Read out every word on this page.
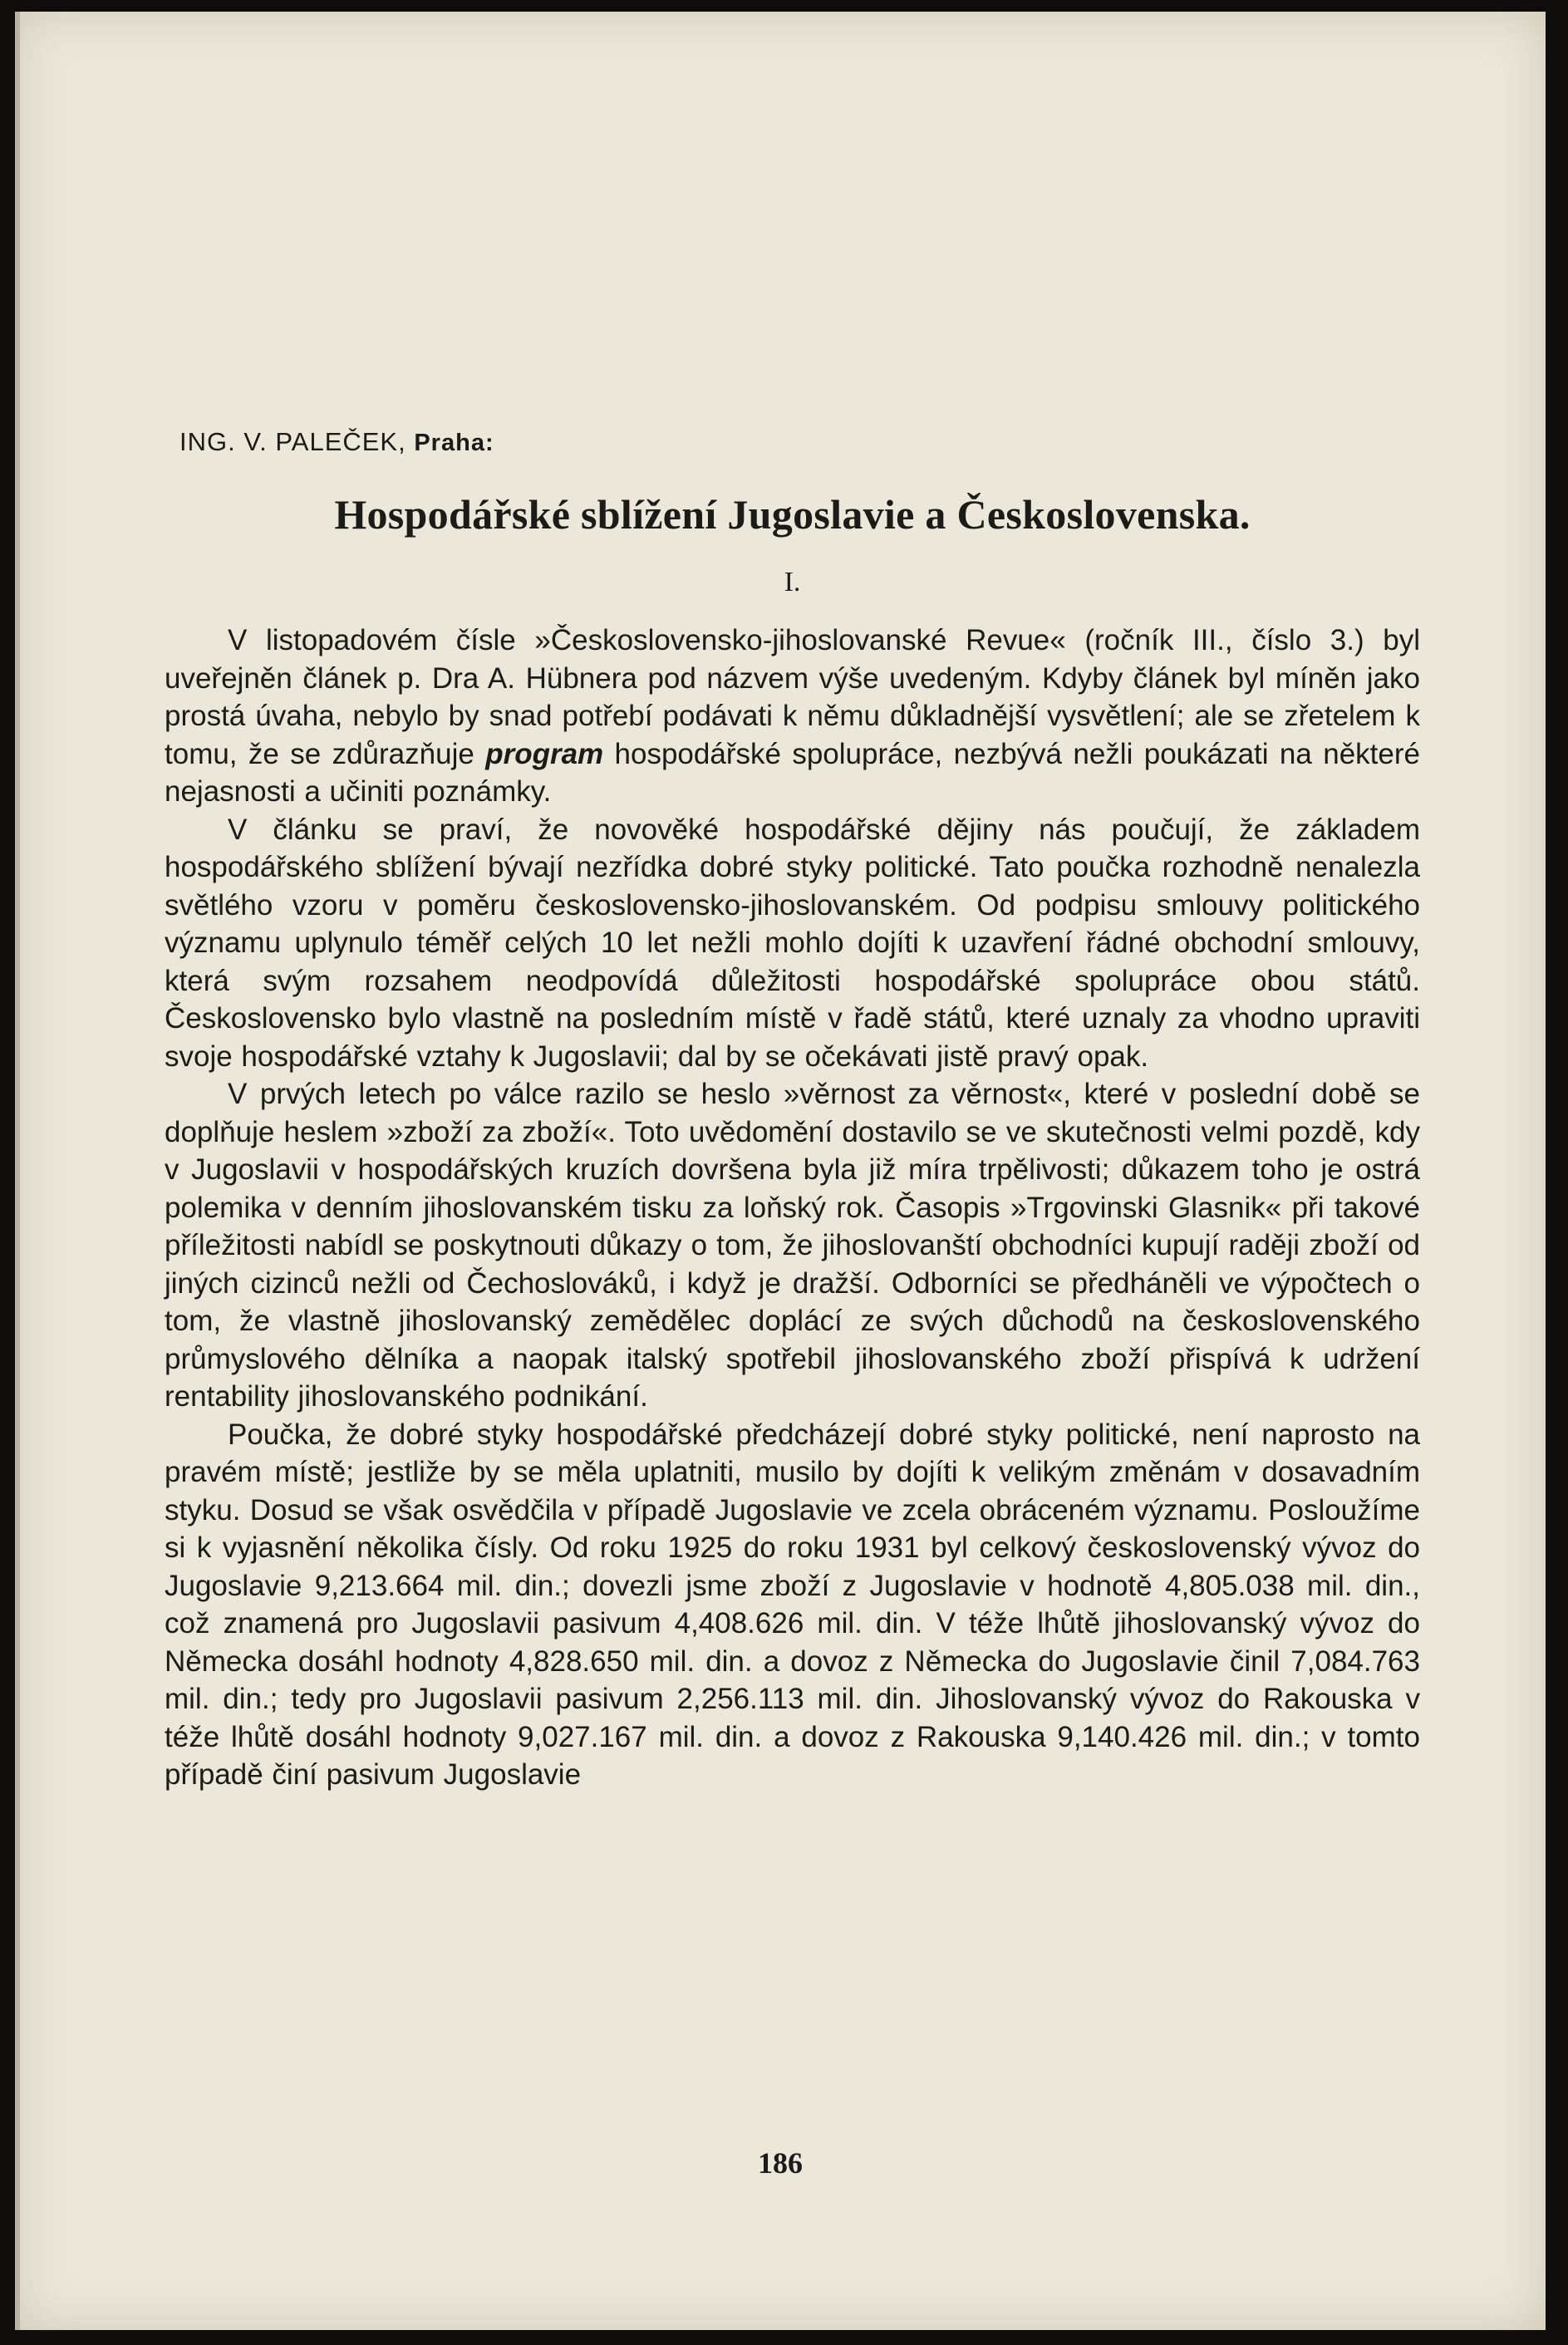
ING. V. PALEČEK, Praha:
Hospodářské sblížení Jugoslavie a Československa.
I.

V listopadovém čísle »Československo-jihoslovanské Revue« (ročník III., číslo 3.) byl uveřejněn článek p. Dra A. Hübnera pod názvem výše uvedeným. Kdyby článek byl míněn jako prostá úvaha, nebylo by snad potřebí podávati k němu důkladnější vysvětlení; ale se zřetelem k tomu, že se zdůrazňuje program hospodářské spolupráce, nezbývá nežli poukázati na některé nejasnosti a učiniti poznámky.

V článku se praví, že novověké hospodářské dějiny nás poučují, že základem hospodářského sblížení bývají nezřídka dobré styky politické. Tato poučka rozhodně nenalezla světlého vzoru v poměru československo-jihoslovanském. Od podpisu smlouvy politického významu uplynulo téměř celých 10 let nežli mohlo dojíti k uzavření řádné obchodní smlouvy, která svým rozsahem neodpovídá důležitosti hospodářské spolupráce obou států. Československo bylo vlastně na posledním místě v řadě států, které uznaly za vhodno upraviti svoje hospodářské vztahy k Jugoslavii; dal by se očekávati jistě pravý opak.

V prvých letech po válce razilo se heslo »věrnost za věrnost«, které v poslední době se doplňuje heslem »zboží za zboží«. Toto uvědomění dostavilo se ve skutečnosti velmi pozdě, kdy v Jugoslavii v hospodářských kruzích dovršena byla již míra trpělivosti; důkazem toho je ostrá polemika v denním jihoslovanském tisku za loňský rok. Časopis »Trgovinski Glasnik« při takové příležitosti nabídl se poskytnouti důkazy o tom, že jihoslovanští obchodníci kupují raději zboží od jiných cizinců nežli od Čechoslováků, i když je dražší. Odborníci se předháněli ve výpočtech o tom, že vlastně jihoslovanský zemědělec doplácí ze svých důchodů na československého průmyslového dělníka a naopak italský spotřebil jihoslovanského zboží přispívá k udržení rentability jihoslovanského podnikání.

Poučka, že dobré styky hospodářské předcházejí dobré styky politické, není naprosto na pravém místě; jestliže by se měla uplatniti, musilo by dojíti k velikým změnám v dosavadním styku. Dosud se však osvědčila v případě Jugoslavie ve zcela obráceném významu. Posloužíme si k vyjasnění několika čísly. Od roku 1925 do roku 1931 byl celkový československý vývoz do Jugoslavie 9,213.664 mil. din.; dovezli jsme zboží z Jugoslavie v hodnotě 4,805.038 mil. din., což znamená pro Jugoslavii pasivum 4,408.626 mil. din. V téže lhůtě jihoslovanský vývoz do Německa dosáhl hodnoty 4,828.650 mil. din. a dovoz z Německa do Jugoslavie činil 7,084.763 mil. din.; tedy pro Jugoslavii pasivum 2,256.113 mil. din. Jihoslovanský vývoz do Rakouska v téže lhůtě dosáhl hodnoty 9,027.167 mil. din. a dovoz z Rakouska 9,140.426 mil. din.; v tomto případě činí pasivum Jugoslavie

186
